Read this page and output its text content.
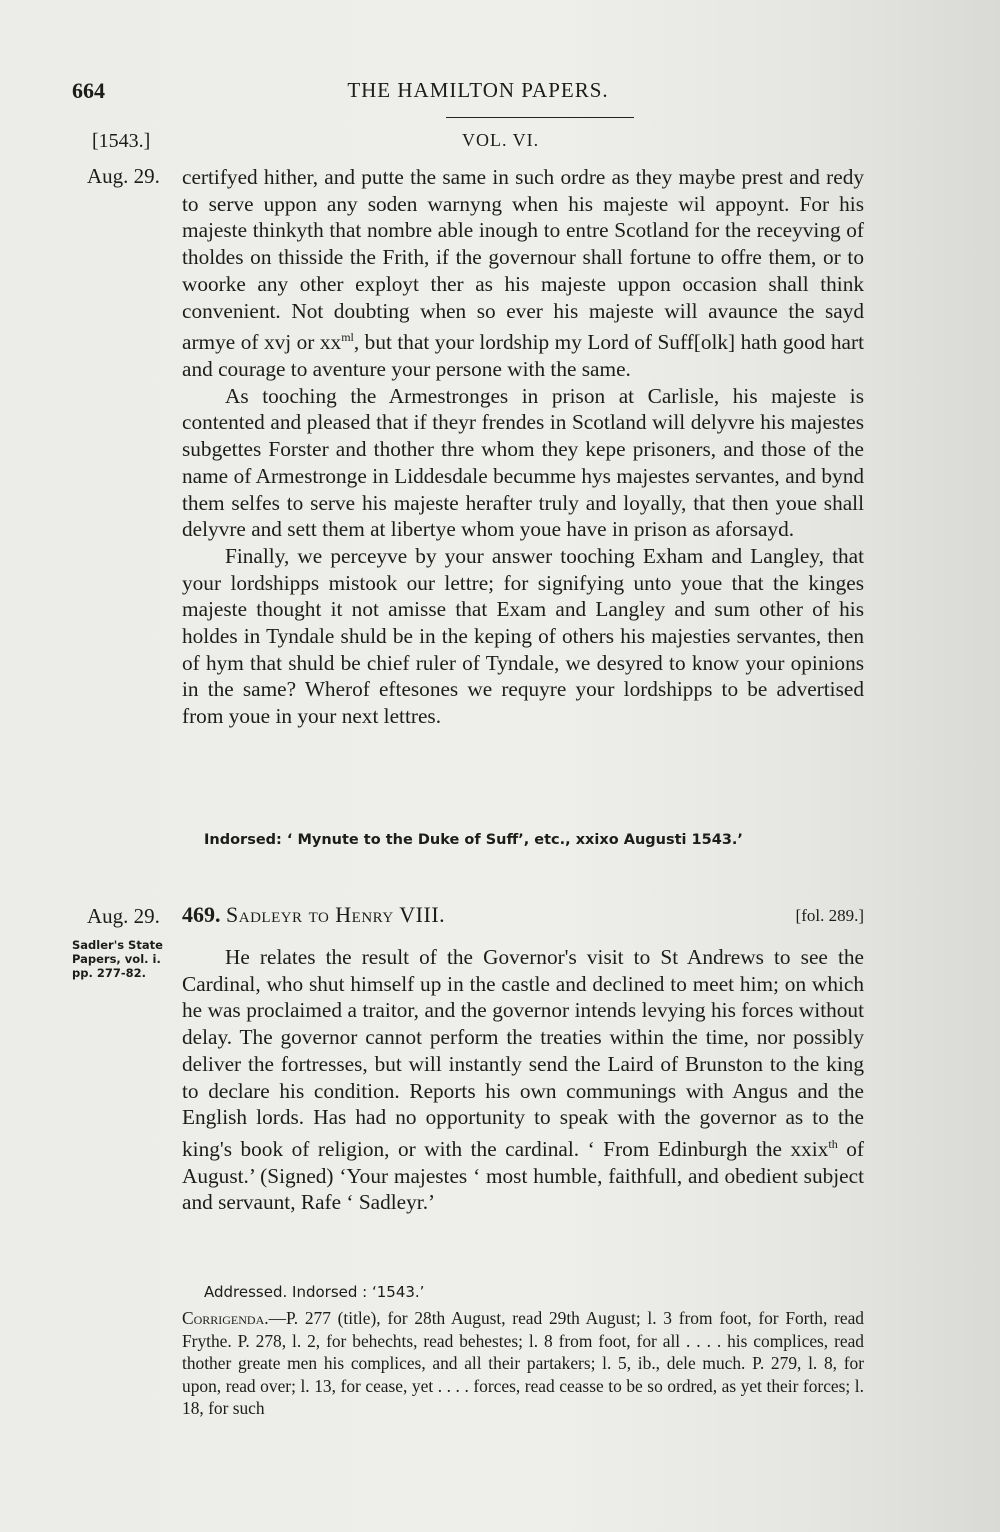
664	THE HAMILTON PAPERS.
[1543.]	VOL. VI.
Aug. 29. certifyed hither, and putte the same in such ordre as they maybe prest and redy to serve uppon any soden warnyng when his majeste wil appoynt. For his majeste thinkyth that nombre able inough to entre Scotland for the receyving of tholdes on thisside the Frith, if the governour shall fortune to offre them, or to woorke any other exployt ther as his majeste uppon occasion shall think convenient. Not doubting when so ever his majeste will avaunce the sayd armye of xvj or $xx^{ml}$, but that your lordship my Lord of Suff[olk] hath good hart and courage to aventure your persone with the same.

As tooching the Armestronges in prison at Carlisle, his majeste is contented and pleased that if theyr frendes in Scotland will delyvre his majestes subgettes Forster and thother thre whom they kepe prisoners, and those of the name of Armestronge in Liddesdale becumme hys majestes servantes, and bynd them selfes to serve his majeste herafter truly and loyally, that then youe shall delyvre and sett them at libertye whom youe have in prison as aforsayd.

Finally, we perceyve by your answer tooching Exham and Langley, that your lordshipps mistook our lettre; for signifying unto youe that the kinges majeste thought it not amisse that Exam and Langley and sum other of his holdes in Tyndale shuld be in the keping of others his majesties servantes, then of hym that shuld be chief ruler of Tyndale, we desyred to know your opinions in the same? Wherof eftesones we requyre your lordshipps to be advertised from youe in your next lettres.

Indorsed: ‘ Mynute to the Duke of Suff’, etc., xxixo Augusti 1543.’
Aug. 29. 469. Sadleyr to Henry VIII.	[fol. 289.]
Sadler's State
Papers, vol. i.
pp. 277-82.
He relates the result of the Governor's visit to St Andrews to see the Cardinal, who shut himself up in the castle and declined to meet him; on which he was proclaimed a traitor, and the governor intends levying his forces without delay. The governor cannot perform the treaties within the time, nor possibly deliver the fortresses, but will instantly send the Laird of Brunston to the king to declare his condition. Reports his own communings with Angus and the English lords. Has had no opportunity to speak with the governor as to the king's book of religion, or with the cardinal. ‘ From Edinburgh the xxix$^{th}$ of August.’ (Signed) ‘Your majestes ‘ most humble, faithfull, and obedient subject and servaunt, Rafe ‘ Sadleyr.’
Addressed. Indorsed : ‘1543.’

Corrigenda.—P. 277 (title), for 28th August, read 29th August; l. 3 from foot, for Forth, read Frythe. P. 278, l. 2, for behechts, read behestes; l. 8 from foot, for all . . . . his complices, read thother greate men his complices, and all their partakers; l. 5, ib., dele much. P. 279, l. 8, for upon, read over; l. 13, for cease, yet . . . . forces, read ceasse to be so ordred, as yet their forces; l. 18, for such
